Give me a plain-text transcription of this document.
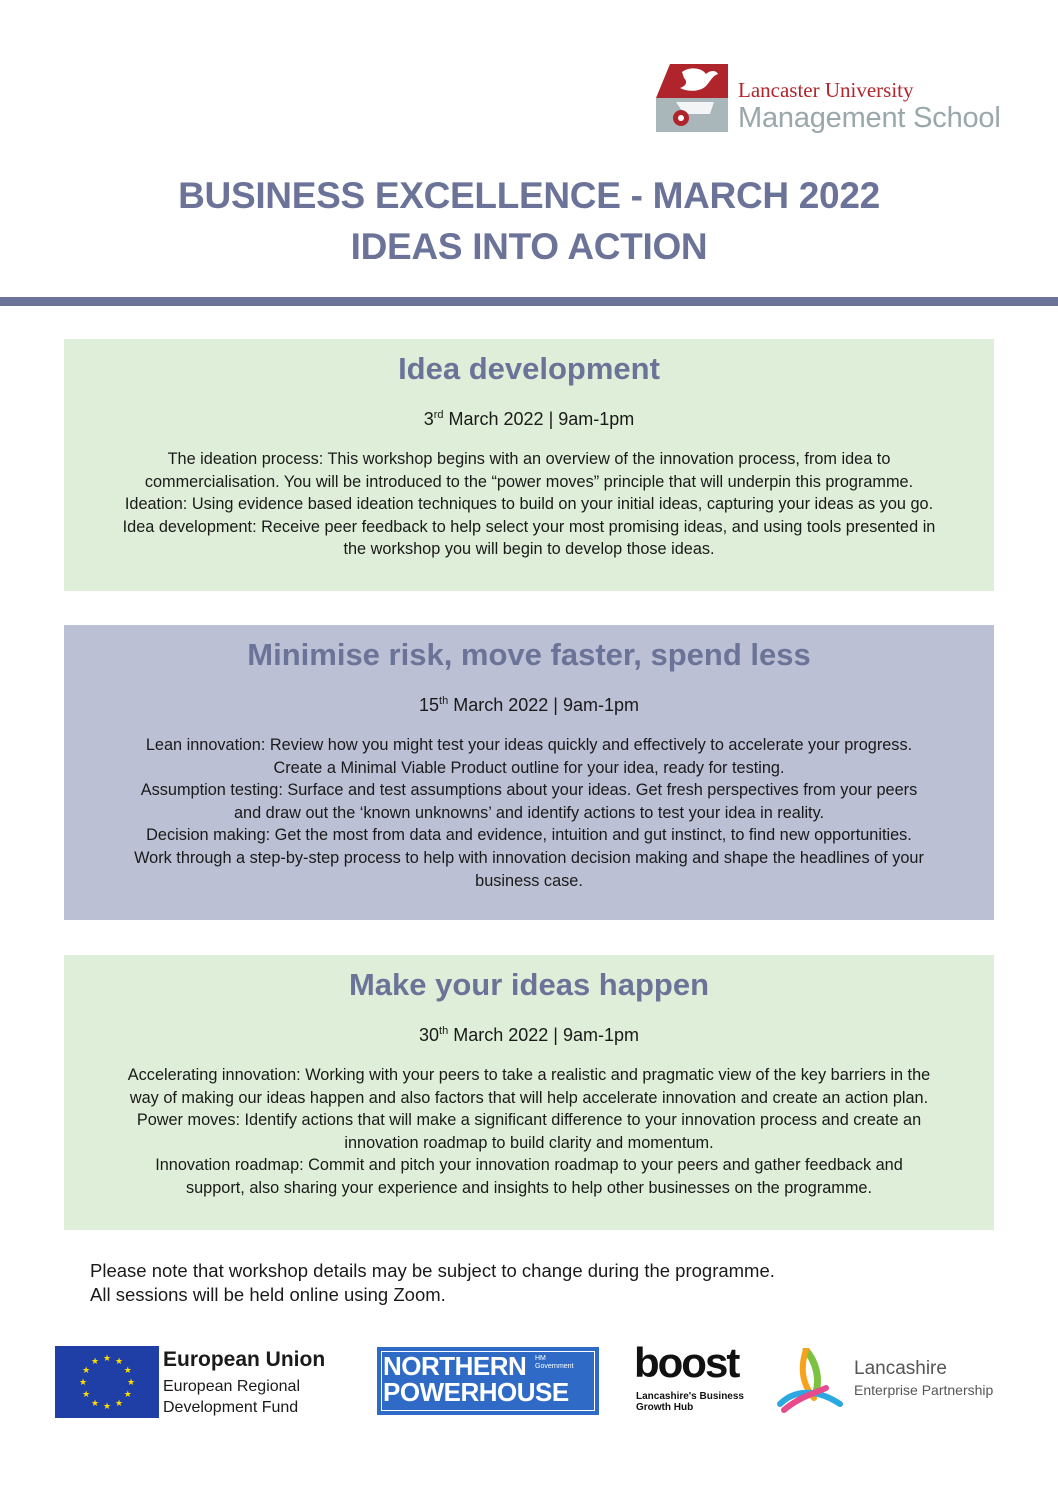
Lancaster University
Management School
BUSINESS EXCELLENCE - MARCH 2022
IDEAS INTO ACTION
Idea development
3rd March 2022 | 9am-1pm
The ideation process: This workshop begins with an overview of the innovation process, from idea to
commercialisation. You will be introduced to the “power moves” principle that will underpin this programme.
Ideation: Using evidence based ideation techniques to build on your initial ideas, capturing your ideas as you go.
Idea development: Receive peer feedback to help select your most promising ideas, and using tools presented in
the workshop you will begin to develop those ideas.
Minimise risk, move faster, spend less
15th March 2022 | 9am-1pm
Lean innovation: Review how you might test your ideas quickly and effectively to accelerate your progress.
Create a Minimal Viable Product outline for your idea, ready for testing.
Assumption testing: Surface and test assumptions about your ideas. Get fresh perspectives from your peers
and draw out the ‘known unknowns’ and identify actions to test your idea in reality.
Decision making: Get the most from data and evidence, intuition and gut instinct, to find new opportunities.
Work through a step-by-step process to help with innovation decision making and shape the headlines of your
business case.
Make your ideas happen
30th March 2022 | 9am-1pm
Accelerating innovation: Working with your peers to take a realistic and pragmatic view of the key barriers in the
way of making our ideas happen and also factors that will help accelerate innovation and create an action plan.
Power moves: Identify actions that will make a significant difference to your innovation process and create an
innovation roadmap to build clarity and momentum.
Innovation roadmap: Commit and pitch your innovation roadmap to your peers and gather feedback and
support, also sharing your experience and insights to help other businesses on the programme.
Please note that workshop details may be subject to change during the programme.
All sessions will be held online using Zoom.
★ ★
★
★
★
★
★
★
★
★
★
★	European Union
European Regional
Development Fund
NORTHERN
POWERHOUSE
HM Government boost
Lancashire's Business
Growth Hub
Lancashire
Enterprise Partnership
